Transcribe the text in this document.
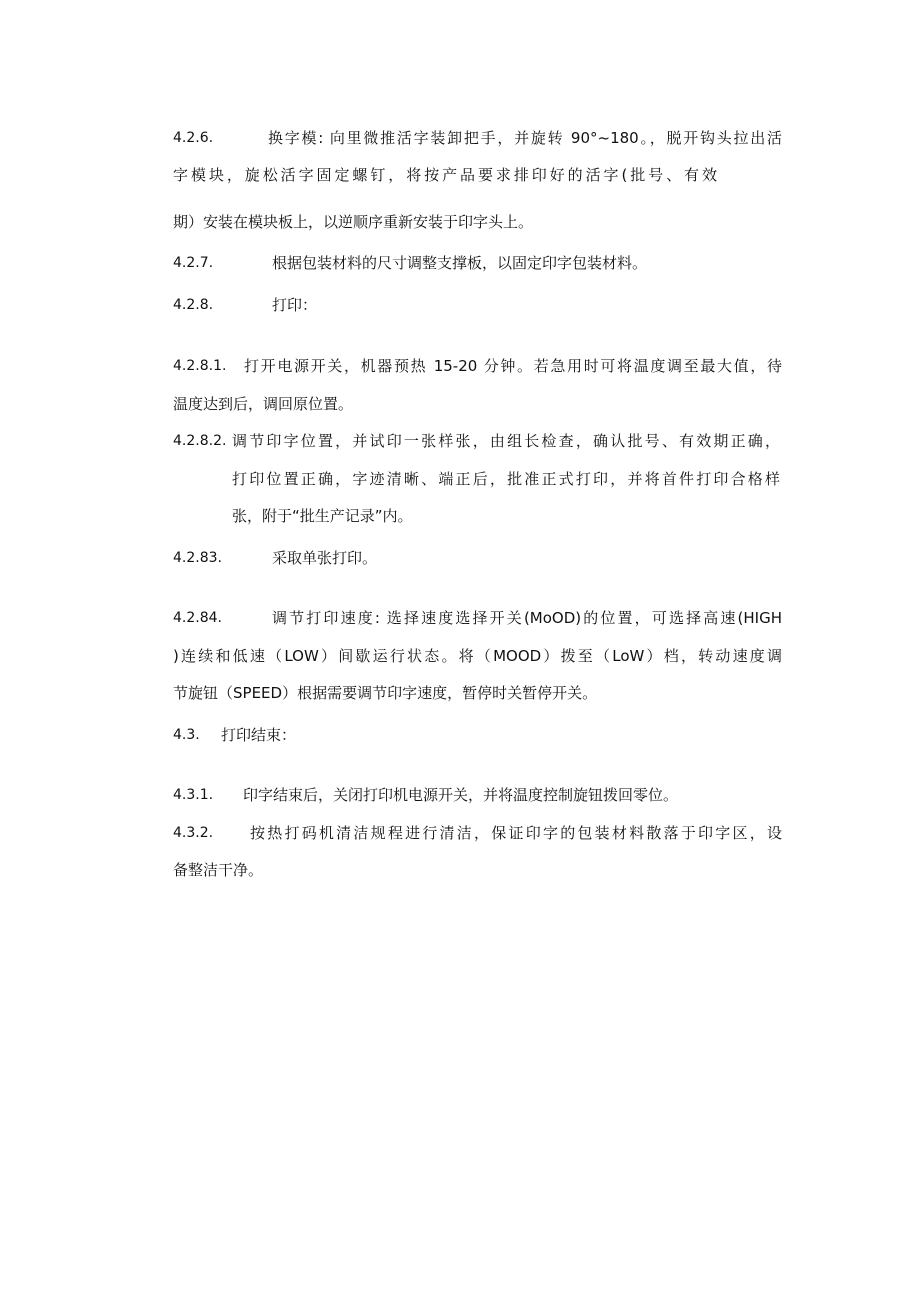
4.2.6.	换字模: 向里微推活字装卸把手，并旋转 90°~180。，脱开钩头拉出活
字模块，旋松活字固定螺钉，将按产品要求排印好的活字(批号、有效
期）安装在模块板上，以逆顺序重新安装于印字头上。
4.2.7.	根据包装材料的尺寸调整支撑板，以固定印字包装材料。
4.2.8.	打印：
4.2.8.1. 打开电源开关，机器预热 15-20 分钟。若急用时可将温度调至最大值，待
温度达到后，调回原位置。
4.2.8.2. 调节印字位置，并试印一张样张，由组长检查，确认批号、有效期正确，
打印位置正确，字迹清晰、端正后，批准正式打印，并将首件打印合格样
张，附于“批生产记录”内。
4.2.83.	采取单张打印。
4.2.84.	调节打印速度: 选择速度选择开关(MoOD)的位置，可选择高速(HIGH
)连续和低速（LOW）间歇运行状态。将（MOOD）拨至（LoW）档，转动速度调
节旋钮（SPEED）根据需要调节印字速度，暂停时关暂停开关。
4.3. 打印结束：
4.3.1. 印字结束后，关闭打印机电源开关，并将温度控制旋钮拨回零位。
4.3.2. 按热打码机清洁规程进行清洁，保证印字的包装材料散落于印字区，设
备整洁干净。
